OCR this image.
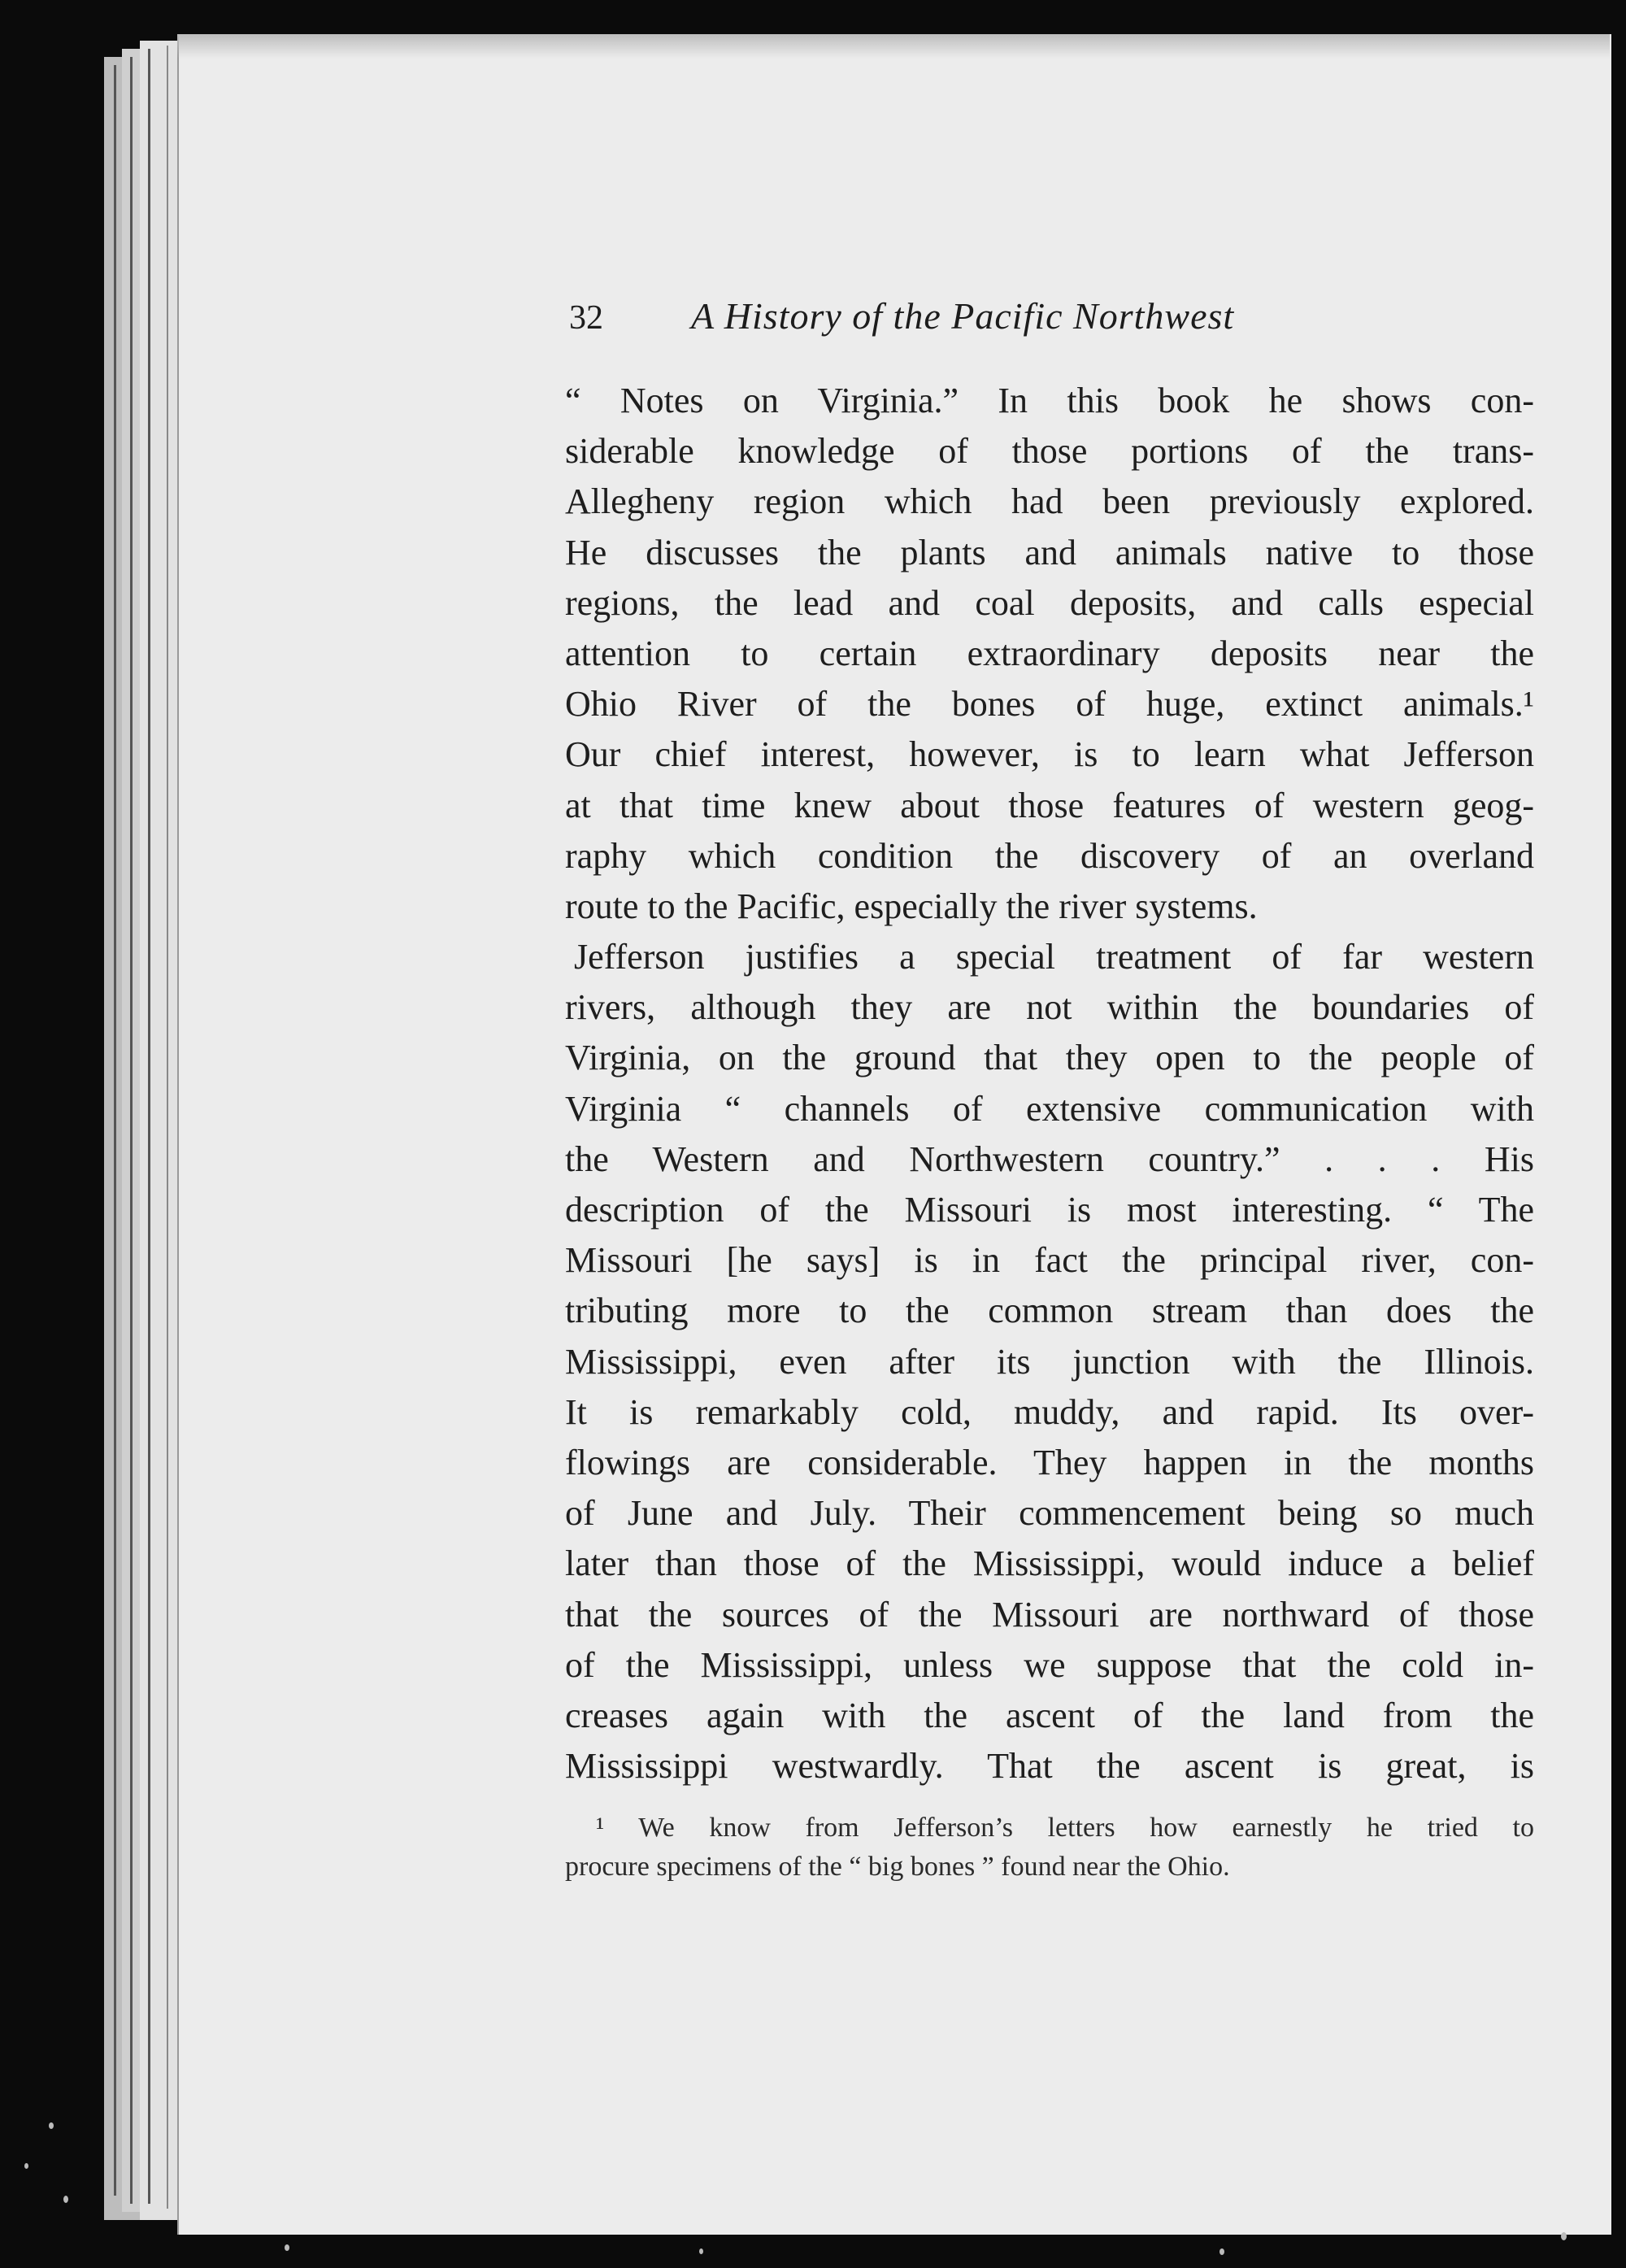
32 A History of the Pacific Northwest
“ Notes on Virginia.” In this book he shows con-
siderable knowledge of those portions of the trans-
Allegheny region which had been previously explored.
He discusses the plants and animals native to those
regions, the lead and coal deposits, and calls especial
attention to certain extraordinary deposits near the
Ohio River of the bones of huge, extinct animals.¹
Our chief interest, however, is to learn what Jefferson
at that time knew about those features of western geog-
raphy which condition the discovery of an overland
route to the Pacific, especially the river systems.
Jefferson justifies a special treatment of far western
rivers, although they are not within the boundaries of
Virginia, on the ground that they open to the people of
Virginia “ channels of extensive communication with
the Western and Northwestern country.” . . . His
description of the Missouri is most interesting. “ The
Missouri [he says] is in fact the principal river, con-
tributing more to the common stream than does the
Mississippi, even after its junction with the Illinois.
It is remarkably cold, muddy, and rapid. Its over-
flowings are considerable. They happen in the months
of June and July. Their commencement being so much
later than those of the Mississippi, would induce a belief
that the sources of the Missouri are northward of those
of the Mississippi, unless we suppose that the cold in-
creases again with the ascent of the land from the
Mississippi westwardly. That the ascent is great, is
¹ We know from Jefferson’s letters how earnestly he tried to
procure specimens of the “ big bones ” found near the Ohio.
